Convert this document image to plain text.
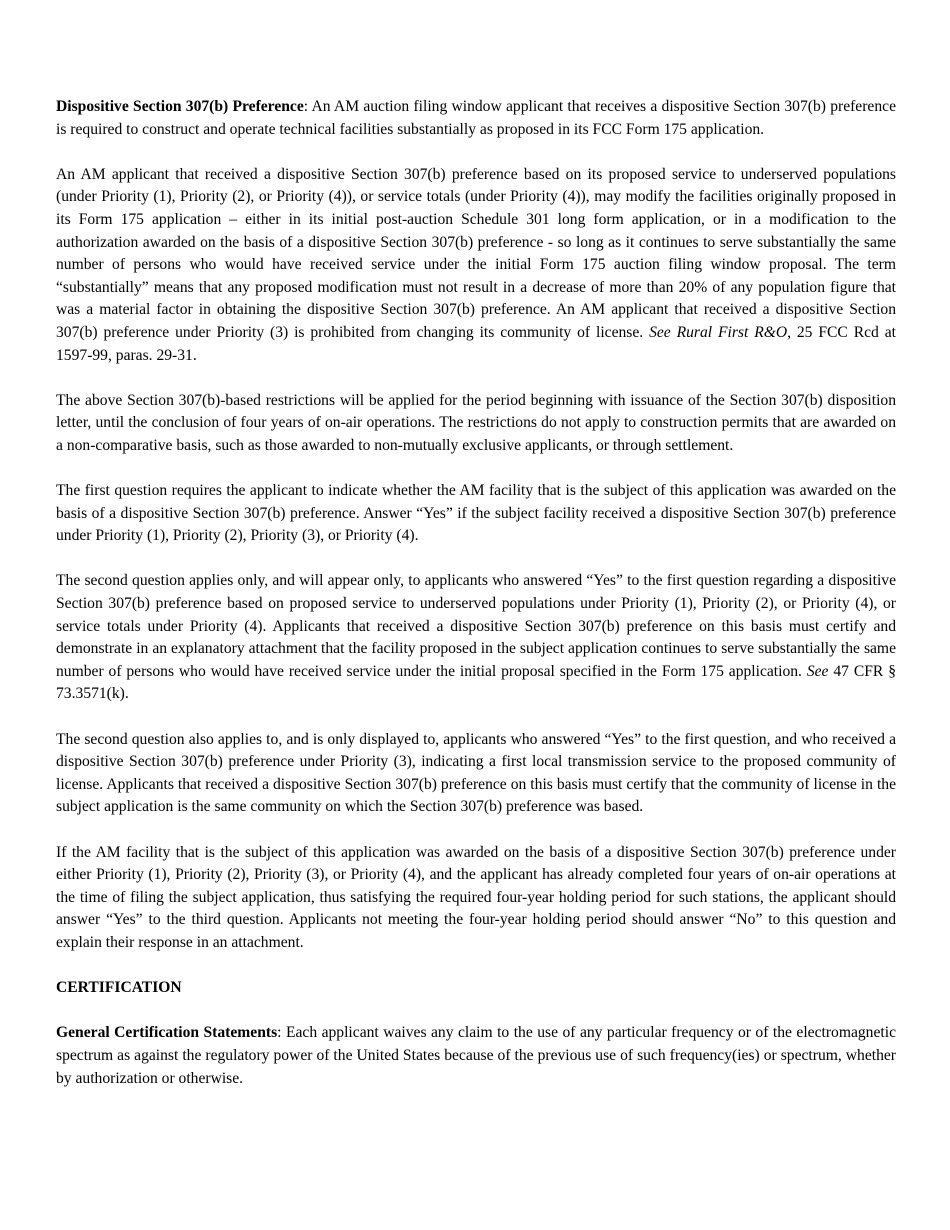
Dispositive Section 307(b) Preference: An AM auction filing window applicant that receives a dispositive Section 307(b) preference is required to construct and operate technical facilities substantially as proposed in its FCC Form 175 application.

An AM applicant that received a dispositive Section 307(b) preference based on its proposed service to underserved populations (under Priority (1), Priority (2), or Priority (4)), or service totals (under Priority (4)), may modify the facilities originally proposed in its Form 175 application – either in its initial post-auction Schedule 301 long form application, or in a modification to the authorization awarded on the basis of a dispositive Section 307(b) preference - so long as it continues to serve substantially the same number of persons who would have received service under the initial Form 175 auction filing window proposal. The term “substantially” means that any proposed modification must not result in a decrease of more than 20% of any population figure that was a material factor in obtaining the dispositive Section 307(b) preference. An AM applicant that received a dispositive Section 307(b) preference under Priority (3) is prohibited from changing its community of license. See Rural First R&O, 25 FCC Rcd at 1597-99, paras. 29-31.

The above Section 307(b)-based restrictions will be applied for the period beginning with issuance of the Section 307(b) disposition letter, until the conclusion of four years of on-air operations. The restrictions do not apply to construction permits that are awarded on a non-comparative basis, such as those awarded to non-mutually exclusive applicants, or through settlement.

The first question requires the applicant to indicate whether the AM facility that is the subject of this application was awarded on the basis of a dispositive Section 307(b) preference. Answer “Yes” if the subject facility received a dispositive Section 307(b) preference under Priority (1), Priority (2), Priority (3), or Priority (4).

The second question applies only, and will appear only, to applicants who answered “Yes” to the first question regarding a dispositive Section 307(b) preference based on proposed service to underserved populations under Priority (1), Priority (2), or Priority (4), or service totals under Priority (4). Applicants that received a dispositive Section 307(b) preference on this basis must certify and demonstrate in an explanatory attachment that the facility proposed in the subject application continues to serve substantially the same number of persons who would have received service under the initial proposal specified in the Form 175 application. See 47 CFR § 73.3571(k).

The second question also applies to, and is only displayed to, applicants who answered “Yes” to the first question, and who received a dispositive Section 307(b) preference under Priority (3), indicating a first local transmission service to the proposed community of license. Applicants that received a dispositive Section 307(b) preference on this basis must certify that the community of license in the subject application is the same community on which the Section 307(b) preference was based.

If the AM facility that is the subject of this application was awarded on the basis of a dispositive Section 307(b) preference under either Priority (1), Priority (2), Priority (3), or Priority (4), and the applicant has already completed four years of on-air operations at the time of filing the subject application, thus satisfying the required four-year holding period for such stations, the applicant should answer “Yes” to the third question. Applicants not meeting the four-year holding period should answer “No” to this question and explain their response in an attachment.

CERTIFICATION

General Certification Statements: Each applicant waives any claim to the use of any particular frequency or of the electromagnetic spectrum as against the regulatory power of the United States because of the previous use of such frequency(ies) or spectrum, whether by authorization or otherwise.
